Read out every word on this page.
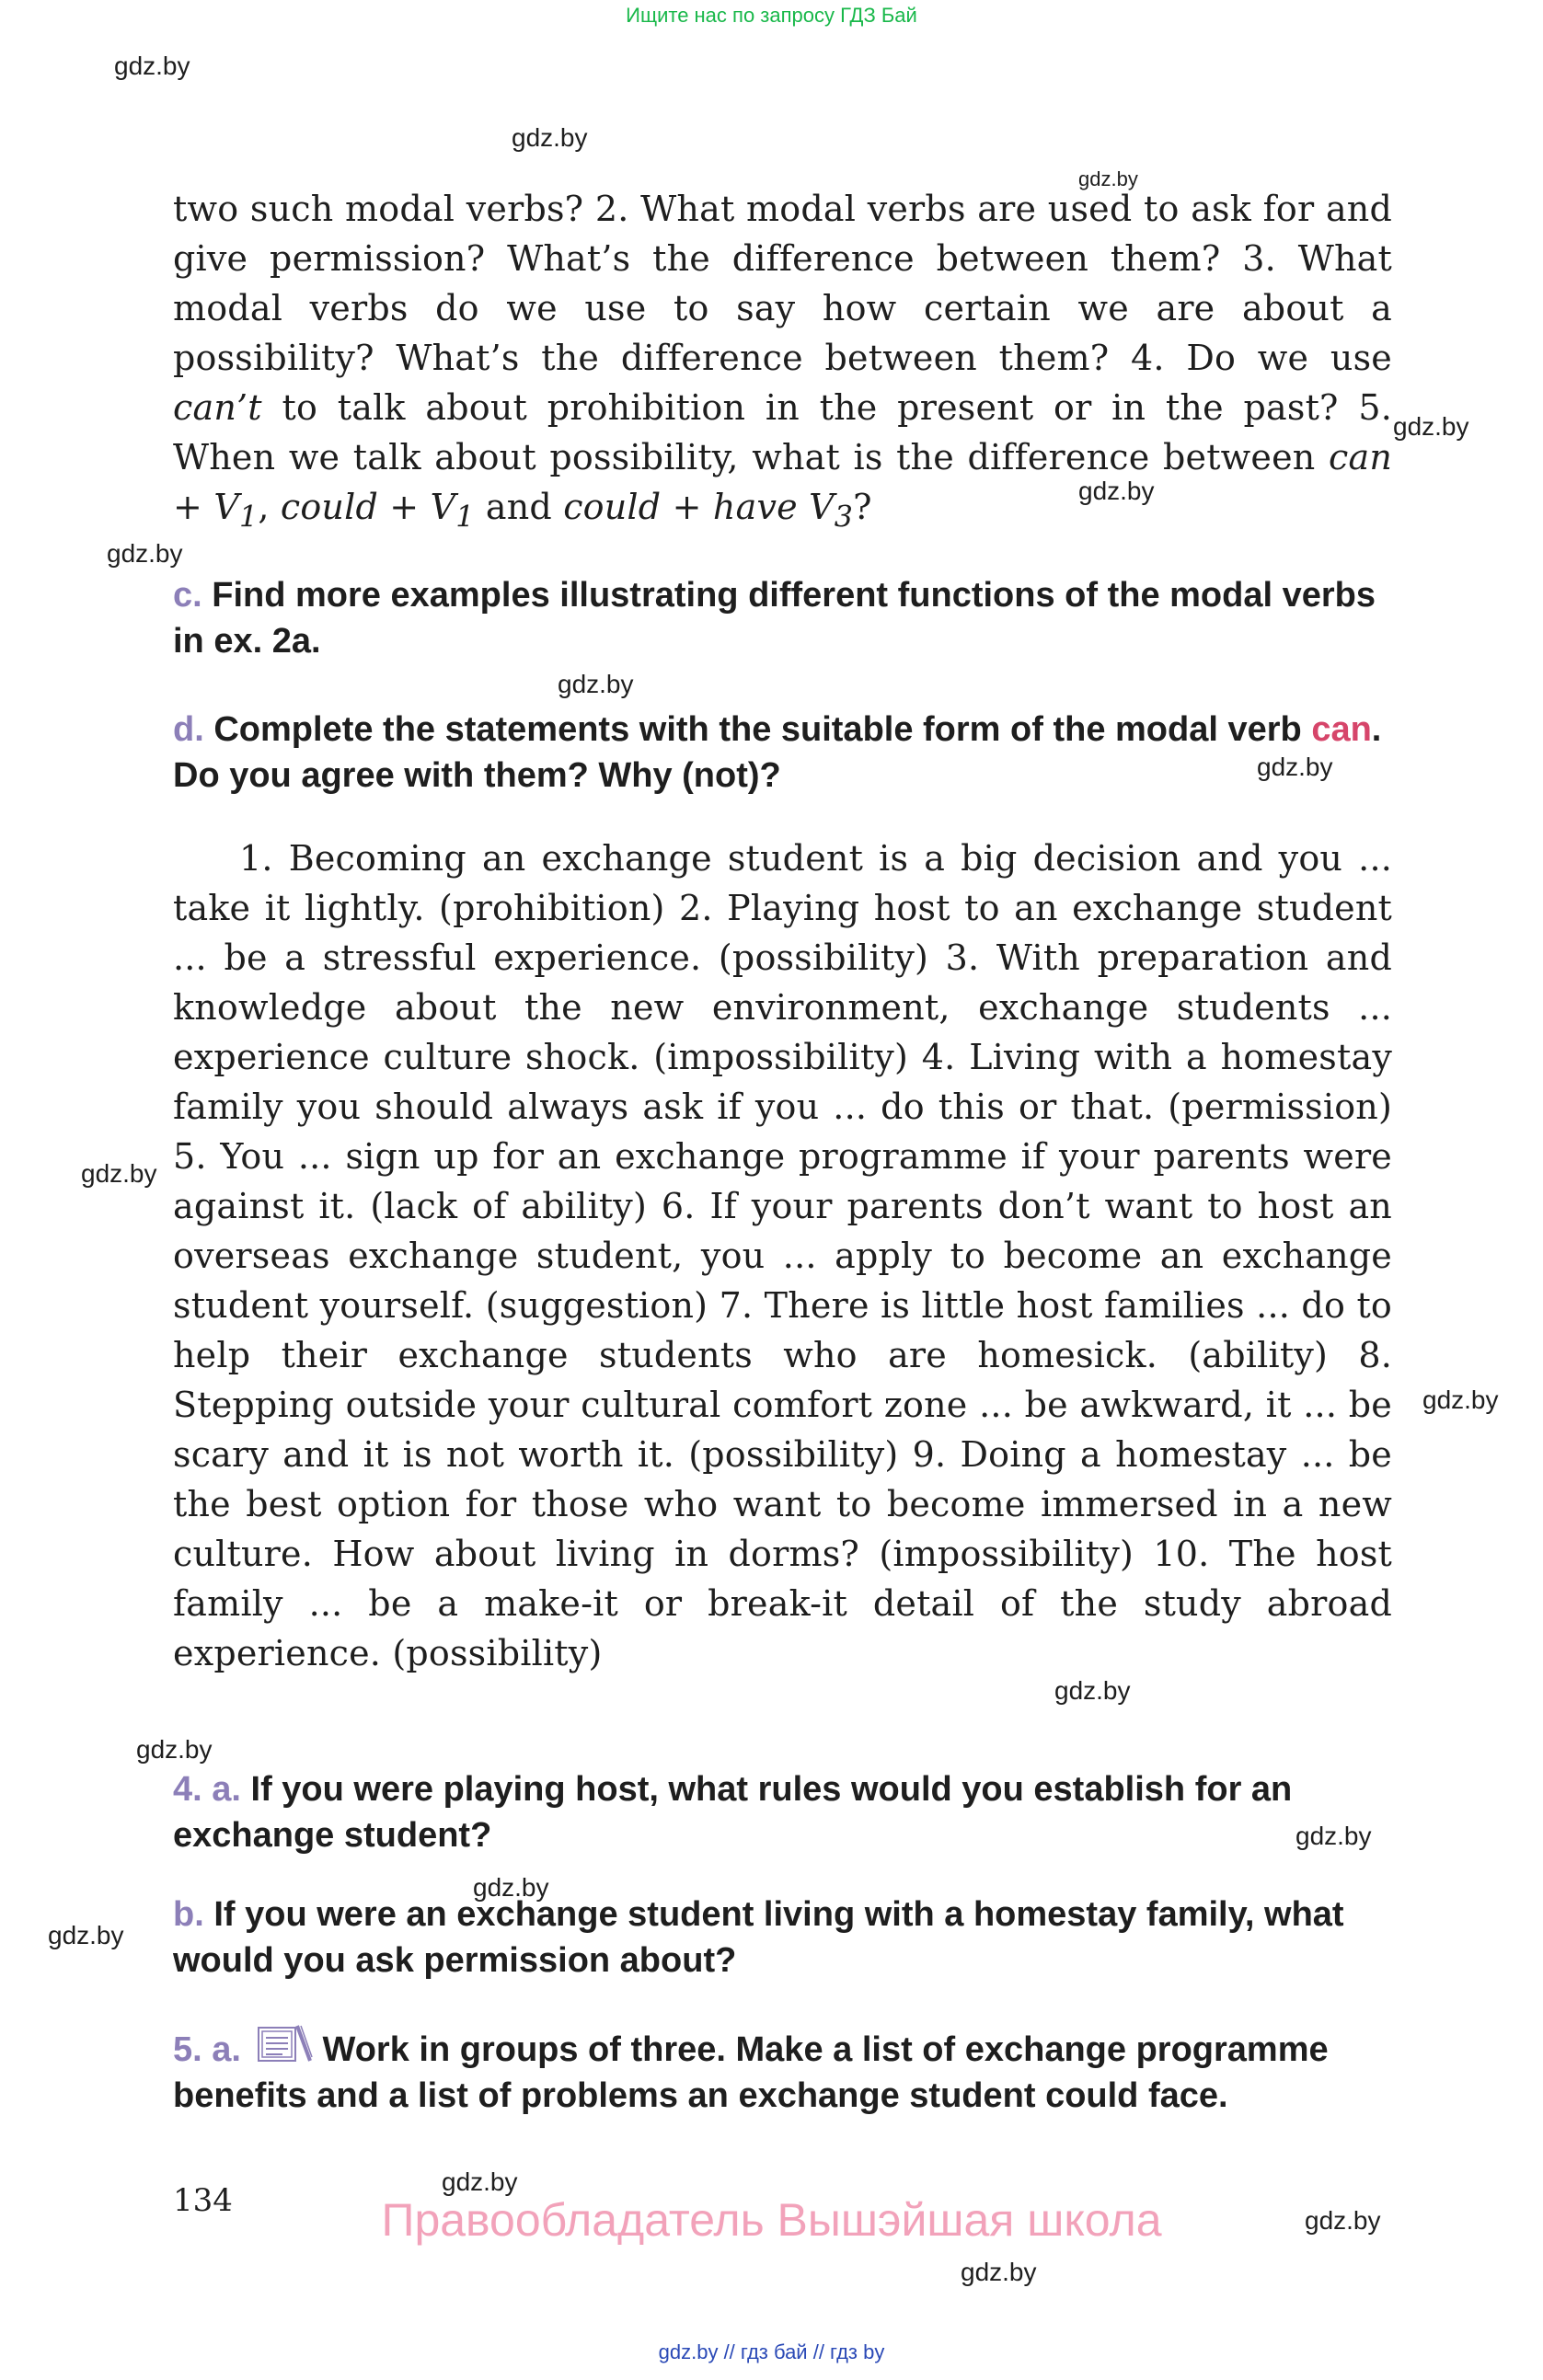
Ищите нас по запросу ГДЗ Бай
gdz.by
gdz.by
gdz.by
gdz.by
gdz.by
gdz.by
gdz.by
gdz.by
gdz.by
gdz.by
gdz.by
gdz.by
gdz.by
gdz.by
gdz.by
gdz.by
gdz.by
gdz.by

two such modal verbs? 2. What modal verbs are used to ask for and give permission? What’s the difference between them? 3. What modal verbs do we use to say how certain we are about a possibility? What’s the difference between them? 4. Do we use can’t to talk about prohibition in the present or in the past? 5. When we talk about possibility, what is the difference between can + $V_1$, could + $V_1$ and could + have $V_3$?

c. Find more examples illustrating different functions of the modal verbs in ex. 2a.
d. Complete the statements with the suitable form of the modal verb can. Do you agree with them? Why (not)?

1. Becoming an exchange student is a big decision and you ... take it lightly. (prohibition) 2. Playing host to an exchange student ... be a stressful experience. (possibility) 3. With preparation and knowledge about the new environment, exchange students ... experience culture shock. (impossibility) 4. Living with a homestay family you should always ask if you ... do this or that. (permission) 5. You ... sign up for an exchange programme if your parents were against it. (lack of ability) 6. If your parents don’t want to host an overseas exchange student, you ... apply to become an exchange student yourself. (suggestion) 7. There is little host families ... do to help their exchange students who are homesick. (ability) 8. Stepping outside your cultural comfort zone ... be awkward, it ... be scary and it is not worth it. (possibility) 9. Doing a homestay ... be the best option for those who want to become immersed in a new culture. How about living in dorms? (impossibility) 10. The host family ... be a make-it or break-it detail of the study abroad experience. (possibility)

4. a. If you were playing host, what rules would you establish for an exchange student?
b. If you were an exchange student living with a homestay family, what would you ask permission about?
5. a. Work in groups of three. Make a list of exchange programme benefits and a list of problems an exchange student could face.
134	Правообладатель Вышэйшая школа
gdz.by // гдз бай // гдз by
